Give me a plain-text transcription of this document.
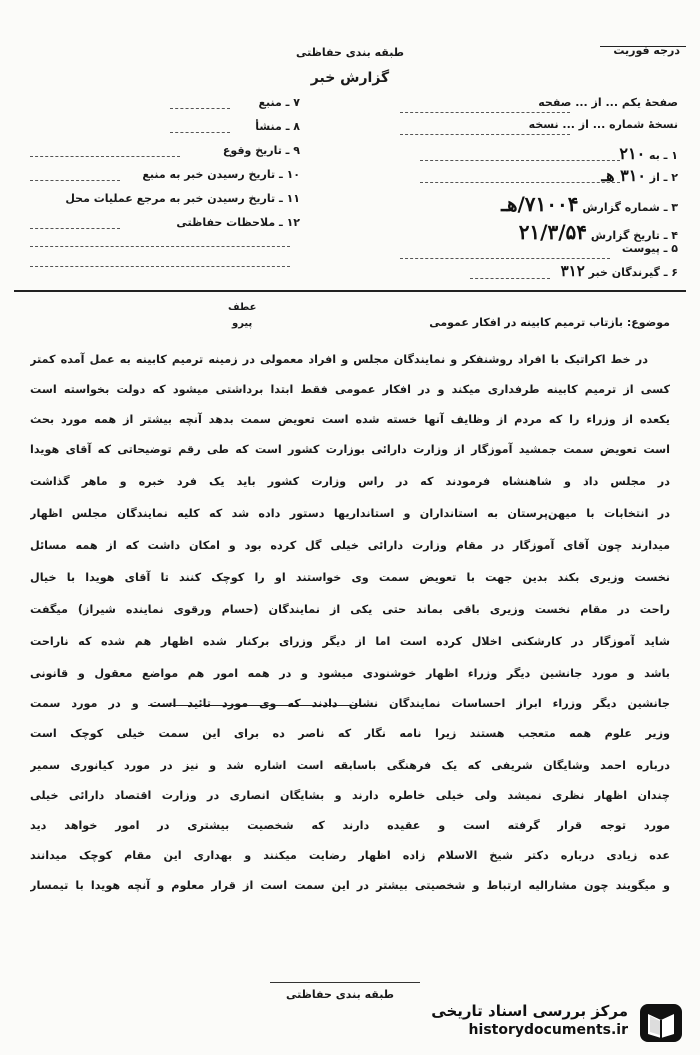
درجه فوریت
طبقه بندی حفاظتی
گزارش خبر
صفحهٔ یکم ... از ... صفحه
نسخهٔ شماره ... از ... نسخه
۱ ـ به ۲۱۰
۲ ـ از ۳۱۰ هـ
۳ ـ شماره گزارش ۷۱۰۰۴/هـ
۴ ـ تاریخ گزارش ۲۱/۳/۵۴
۵ ـ پیوست
۶ ـ گیرندگان خبر ۳۱۲
۷ ـ منبع
۸ ـ منشأ
۹ ـ تاریخ وقوع
۱۰ ـ تاریخ رسیدن خبر به منبع
۱۱ ـ تاریخ رسیدن خبر به مرجع عملیات محل
۱۲ ـ ملاحظات حفاظتی
عطف
پیرو	موضوع: بازتاب ترمیم کابینه در افکار عمومی
در خط اکراتیک با افراد روشنفکر و نمایندگان مجلس و افراد معمولی در زمینه ترمیم کابینه به عمل آمده کمتر
کسی از ترمیم کابینه طرفداری میکند و در افکار عمومی فقط ابتدا برداشتی میشود که دولت بخواسته است
یکعده از وزراء را که مردم از وظایف آنها خسته شده است تعویض سمت بدهد آنچه بیشتر از همه مورد بحث
است تعویض سمت جمشید آموزگار از وزارت دارائی بوزارت کشور است که طی رقم توضیحاتی که آقای هویدا
در مجلس داد و شاهنشاه فرمودند که در راس وزارت کشور باید یک فرد خبره و ماهر گذاشت
در انتخابات با میهن‌پرستان به استانداران و استانداریها دستور داده شد که کلیه نمایندگان مجلس اظهار
میدارند چون آقای آموزگار در مقام وزارت دارائی خیلی گل کرده بود و امکان داشت که از همه مسائل
نخست وزیری بکند بدین جهت با تعویض سمت وی خواستند او را کوچک کنند تا آقای هویدا با خیال
راحت در مقام نخست وزیری باقی بماند حتی یکی از نمایندگان (حسام ورقوی نماینده شیراز) میگفت
شاید آموزگار در کارشکنی اخلال کرده است اما از دیگر وزرای برکنار شده اظهار هم شده که ناراحت
باشد و مورد جانشین دیگر وزراء اظهار خوشنودی میشود و در همه امور هم مواضع معقول و قانونی
جانشین دیگر وزراء ابراز احساسات نمایندگان نشان دادند که وی مورد تائید است و در مورد سمت
وزیر علوم همه متعجب هستند زیرا نامه نگار که ناصر ده برای این سمت خیلی کوچک است
درباره احمد وشایگان شریفی که یک فرهنگی باسابقه است اشاره شد و نیز در مورد کیانوری سمیر
چندان اظهار نظری نمیشد ولی خیلی خاطره دارند و بشایگان انصاری در وزارت اقتصاد دارائی خیلی
مورد توجه قرار گرفته است و عقیده دارند که شخصیت بیشتری در امور خواهد دید
عده زیادی درباره دکتر شیخ الاسلام زاده اظهار رضایت میکنند و بهداری این مقام کوچک میدانند
و میگویند چون مشارالیه ارتباط و شخصیتی بیشتر در این سمت است از قرار معلوم و آنچه هویدا با تیمسار
طبقه بندی حفاظتی
مرکز بررسی اسناد تاریخی
historydocuments.ir
